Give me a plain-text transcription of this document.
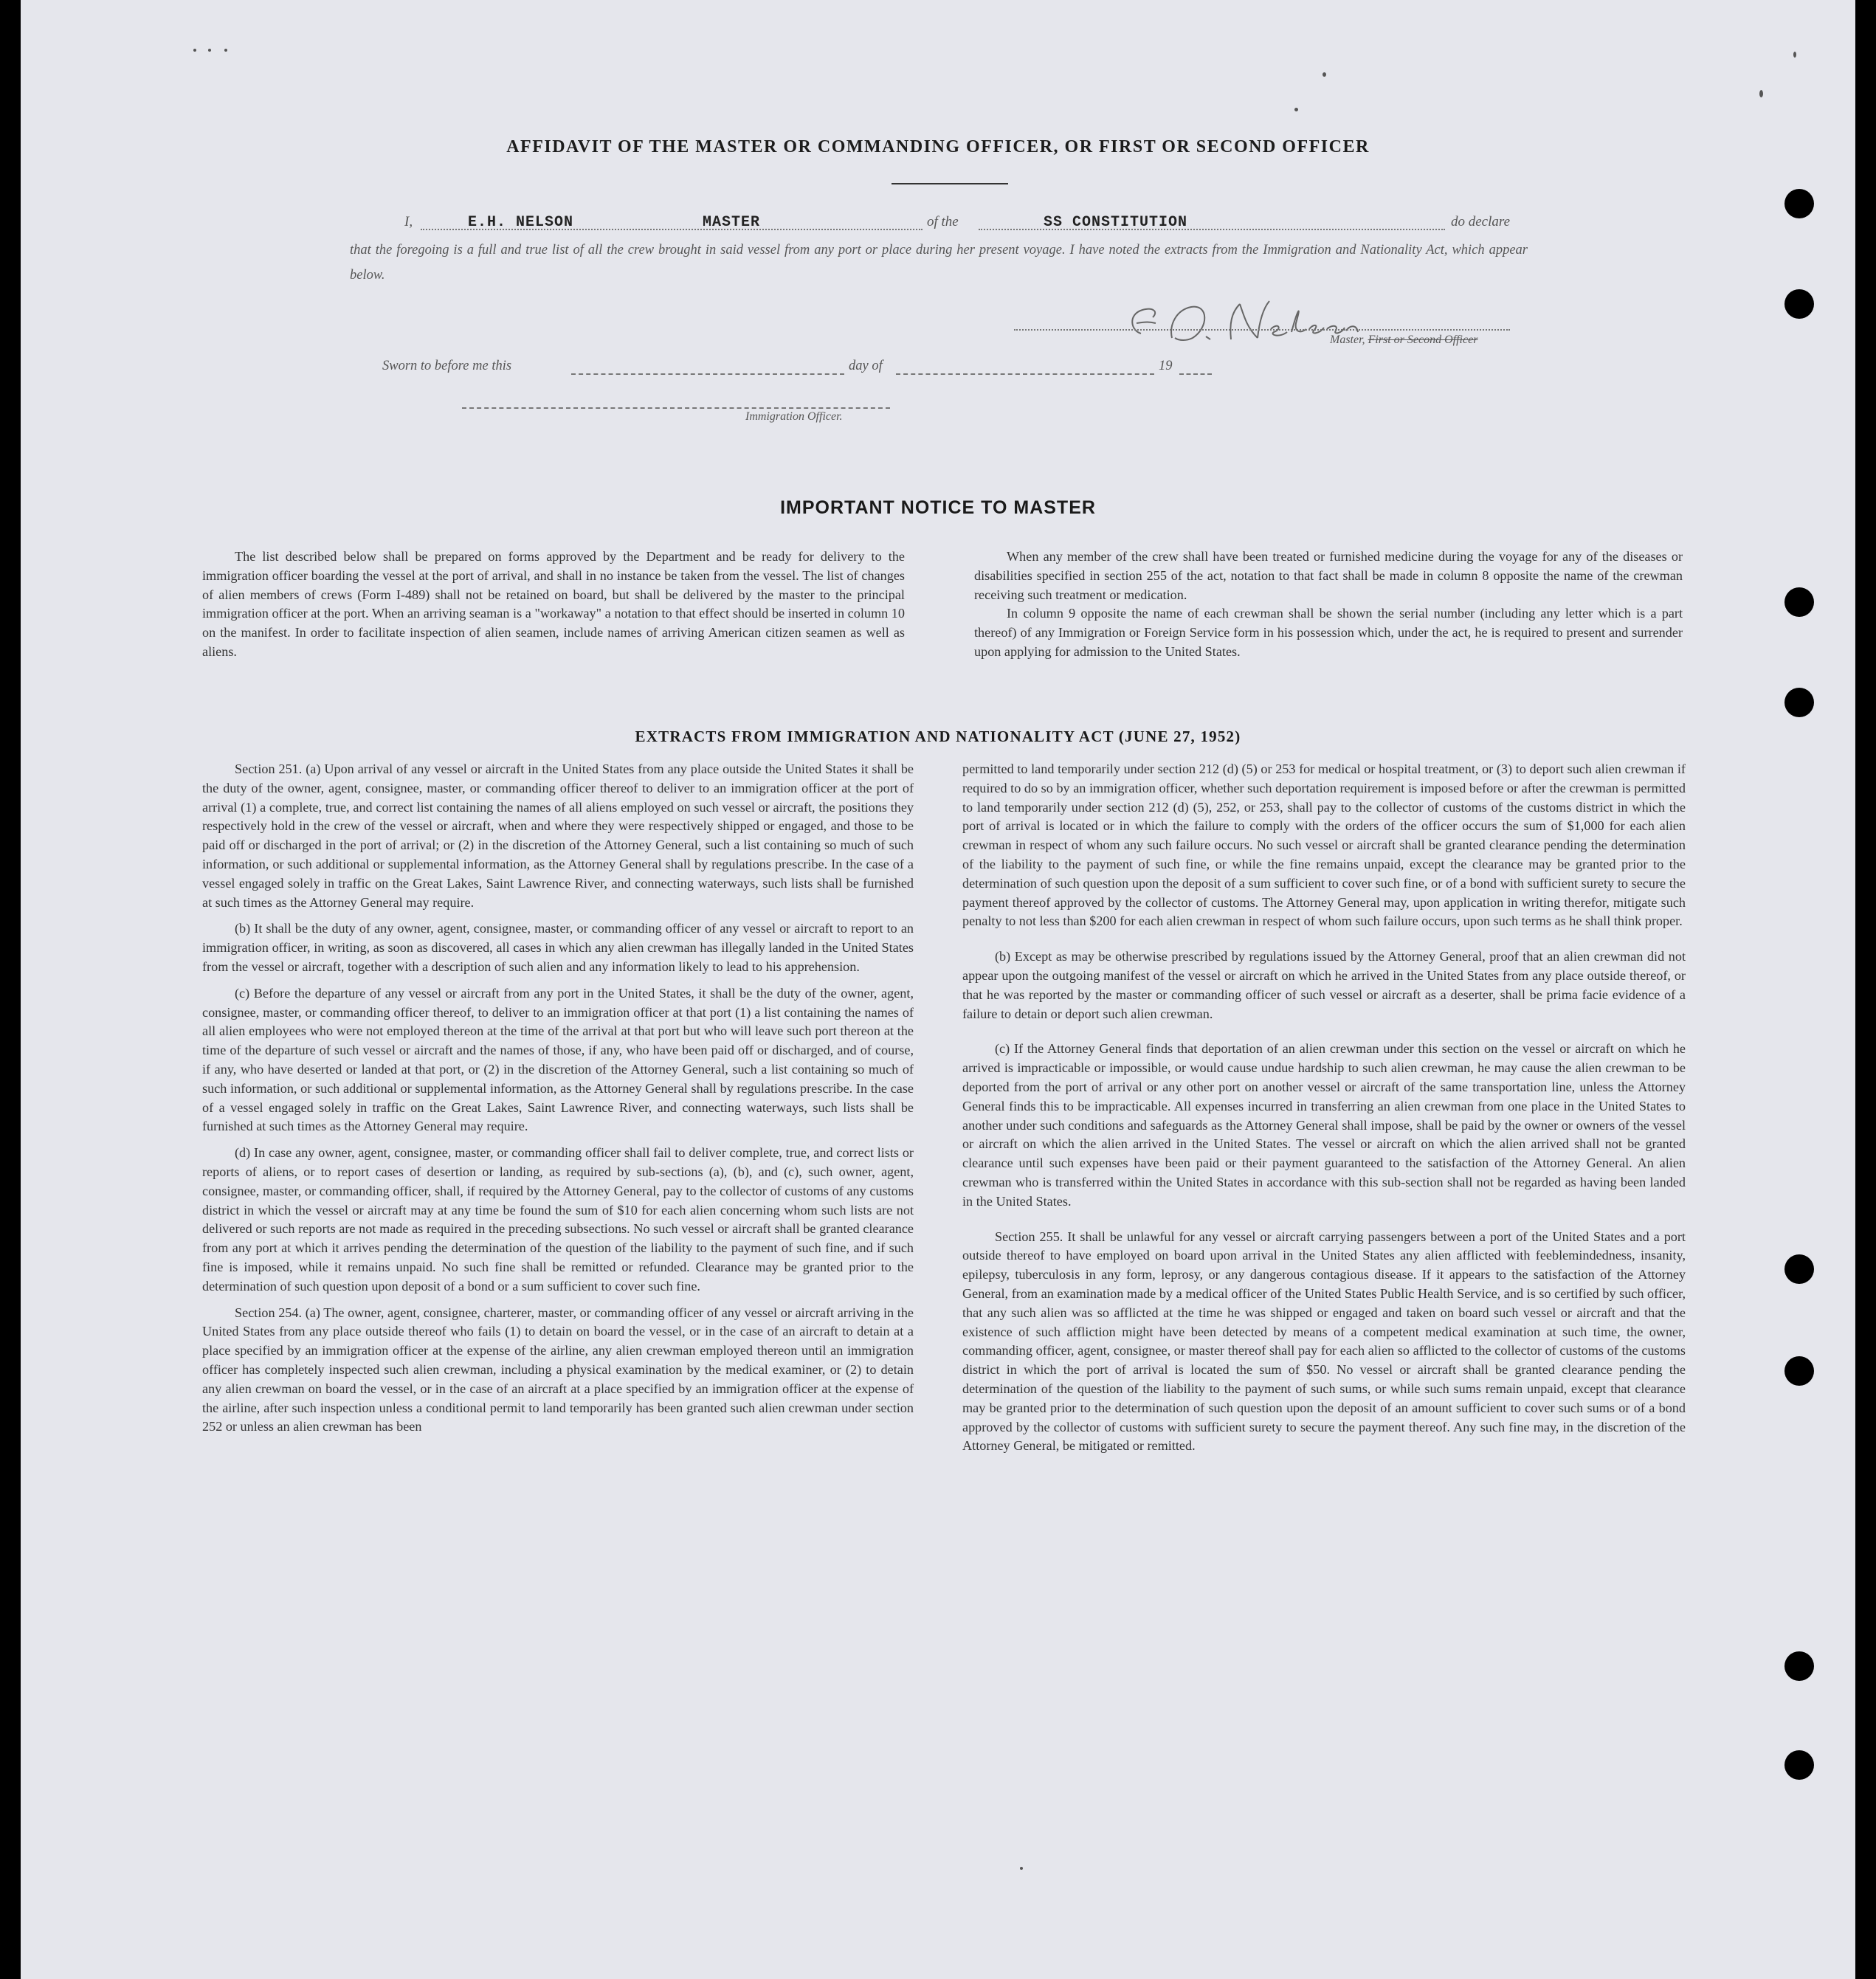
AFFIDAVIT OF THE MASTER OR COMMANDING OFFICER, OR FIRST OR SECOND OFFICER
I,	E.H. NELSON	MASTER	of the	SS CONSTITUTION	do declare
that the foregoing is a full and true list of all the crew brought in said vessel from any port or place during her present voyage. I have noted the extracts from the Immigration and Nationality Act, which appear below.
Master, First or Second Officer
Sworn to before me this	day of	19
Immigration Officer.
IMPORTANT NOTICE TO MASTER

The list described below shall be prepared on forms approved by the Department and be ready for delivery to the immigration officer boarding the vessel at the port of arrival, and shall in no instance be taken from the vessel. The list of changes of alien members of crews (Form I-489) shall not be retained on board, but shall be delivered by the master to the principal immigration officer at the port. When an arriving seaman is a "workaway" a notation to that effect should be inserted in column 10 on the manifest. In order to facilitate inspection of alien seamen, include names of arriving American citizen seamen as well as aliens.

When any member of the crew shall have been treated or furnished medicine during the voyage for any of the diseases or disabilities specified in section 255 of the act, notation to that fact shall be made in column 8 opposite the name of the crewman receiving such treatment or medication.

In column 9 opposite the name of each crewman shall be shown the serial number (including any letter which is a part thereof) of any Immigration or Foreign Service form in his possession which, under the act, he is required to present and surrender upon applying for admission to the United States.

EXTRACTS FROM IMMIGRATION AND NATIONALITY ACT (JUNE 27, 1952)

Section 251. (a) Upon arrival of any vessel or aircraft in the United States from any place outside the United States it shall be the duty of the owner, agent, consignee, master, or commanding officer thereof to deliver to an immigration officer at the port of arrival (1) a complete, true, and correct list containing the names of all aliens employed on such vessel or aircraft, the positions they respectively hold in the crew of the vessel or aircraft, when and where they were respectively shipped or engaged, and those to be paid off or discharged in the port of arrival; or (2) in the discretion of the Attorney General, such a list containing so much of such information, or such additional or supplemental information, as the Attorney General shall by regulations prescribe. In the case of a vessel engaged solely in traffic on the Great Lakes, Saint Lawrence River, and connecting waterways, such lists shall be furnished at such times as the Attorney General may require.

(b) It shall be the duty of any owner, agent, consignee, master, or commanding officer of any vessel or aircraft to report to an immigration officer, in writing, as soon as discovered, all cases in which any alien crewman has illegally landed in the United States from the vessel or aircraft, together with a description of such alien and any information likely to lead to his apprehension.

(c) Before the departure of any vessel or aircraft from any port in the United States, it shall be the duty of the owner, agent, consignee, master, or commanding officer thereof, to deliver to an immigration officer at that port (1) a list containing the names of all alien employees who were not employed thereon at the time of the arrival at that port but who will leave such port thereon at the time of the departure of such vessel or aircraft and the names of those, if any, who have been paid off or discharged, and of course, if any, who have deserted or landed at that port, or (2) in the discretion of the Attorney General, such a list containing so much of such information, or such additional or supplemental information, as the Attorney General shall by regulations prescribe. In the case of a vessel engaged solely in traffic on the Great Lakes, Saint Lawrence River, and connecting waterways, such lists shall be furnished at such times as the Attorney General may require.

(d) In case any owner, agent, consignee, master, or commanding officer shall fail to deliver complete, true, and correct lists or reports of aliens, or to report cases of desertion or landing, as required by sub-sections (a), (b), and (c), such owner, agent, consignee, master, or commanding officer, shall, if required by the Attorney General, pay to the collector of customs of any customs district in which the vessel or aircraft may at any time be found the sum of $10 for each alien concerning whom such lists are not delivered or such reports are not made as required in the preceding subsections. No such vessel or aircraft shall be granted clearance from any port at which it arrives pending the determination of the question of the liability to the payment of such fine, and if such fine is imposed, while it remains unpaid. No such fine shall be remitted or refunded. Clearance may be granted prior to the determination of such question upon deposit of a bond or a sum sufficient to cover such fine.

Section 254. (a) The owner, agent, consignee, charterer, master, or commanding officer of any vessel or aircraft arriving in the United States from any place outside thereof who fails (1) to detain on board the vessel, or in the case of an aircraft to detain at a place specified by an immigration officer at the expense of the airline, any alien crewman employed thereon until an immigration officer has completely inspected such alien crewman, including a physical examination by the medical examiner, or (2) to detain any alien crewman on board the vessel, or in the case of an aircraft at a place specified by an immigration officer at the expense of the airline, after such inspection unless a conditional permit to land temporarily has been granted such alien crewman under section 252 or unless an alien crewman has been

permitted to land temporarily under section 212 (d) (5) or 253 for medical or hospital treatment, or (3) to deport such alien crewman if required to do so by an immigration officer, whether such deportation requirement is imposed before or after the crewman is permitted to land temporarily under section 212 (d) (5), 252, or 253, shall pay to the collector of customs of the customs district in which the port of arrival is located or in which the failure to comply with the orders of the officer occurs the sum of $1,000 for each alien crewman in respect of whom any such failure occurs. No such vessel or aircraft shall be granted clearance pending the determination of the liability to the payment of such fine, or while the fine remains unpaid, except the clearance may be granted prior to the determination of such question upon the deposit of a sum sufficient to cover such fine, or of a bond with sufficient surety to secure the payment thereof approved by the collector of customs. The Attorney General may, upon application in writing therefor, mitigate such penalty to not less than $200 for each alien crewman in respect of whom such failure occurs, upon such terms as he shall think proper.

(b) Except as may be otherwise prescribed by regulations issued by the Attorney General, proof that an alien crewman did not appear upon the outgoing manifest of the vessel or aircraft on which he arrived in the United States from any place outside thereof, or that he was reported by the master or commanding officer of such vessel or aircraft as a deserter, shall be prima facie evidence of a failure to detain or deport such alien crewman.

(c) If the Attorney General finds that deportation of an alien crewman under this section on the vessel or aircraft on which he arrived is impracticable or impossible, or would cause undue hardship to such alien crewman, he may cause the alien crewman to be deported from the port of arrival or any other port on another vessel or aircraft of the same transportation line, unless the Attorney General finds this to be impracticable. All expenses incurred in transferring an alien crewman from one place in the United States to another under such conditions and safeguards as the Attorney General shall impose, shall be paid by the owner or owners of the vessel or aircraft on which the alien arrived in the United States. The vessel or aircraft on which the alien arrived shall not be granted clearance until such expenses have been paid or their payment guaranteed to the satisfaction of the Attorney General. An alien crewman who is transferred within the United States in accordance with this sub-section shall not be regarded as having been landed in the United States.

Section 255. It shall be unlawful for any vessel or aircraft carrying passengers between a port of the United States and a port outside thereof to have employed on board upon arrival in the United States any alien afflicted with feeblemindedness, insanity, epilepsy, tuberculosis in any form, leprosy, or any dangerous contagious disease. If it appears to the satisfaction of the Attorney General, from an examination made by a medical officer of the United States Public Health Service, and is so certified by such officer, that any such alien was so afflicted at the time he was shipped or engaged and taken on board such vessel or aircraft and that the existence of such affliction might have been detected by means of a competent medical examination at such time, the owner, commanding officer, agent, consignee, or master thereof shall pay for each alien so afflicted to the collector of customs of the customs district in which the port of arrival is located the sum of $50. No vessel or aircraft shall be granted clearance pending the determination of the question of the liability to the payment of such sums, or while such sums remain unpaid, except that clearance may be granted prior to the determination of such question upon the deposit of an amount sufficient to cover such sums or of a bond approved by the collector of customs with sufficient surety to secure the payment thereof. Any such fine may, in the discretion of the Attorney General, be mitigated or remitted.
